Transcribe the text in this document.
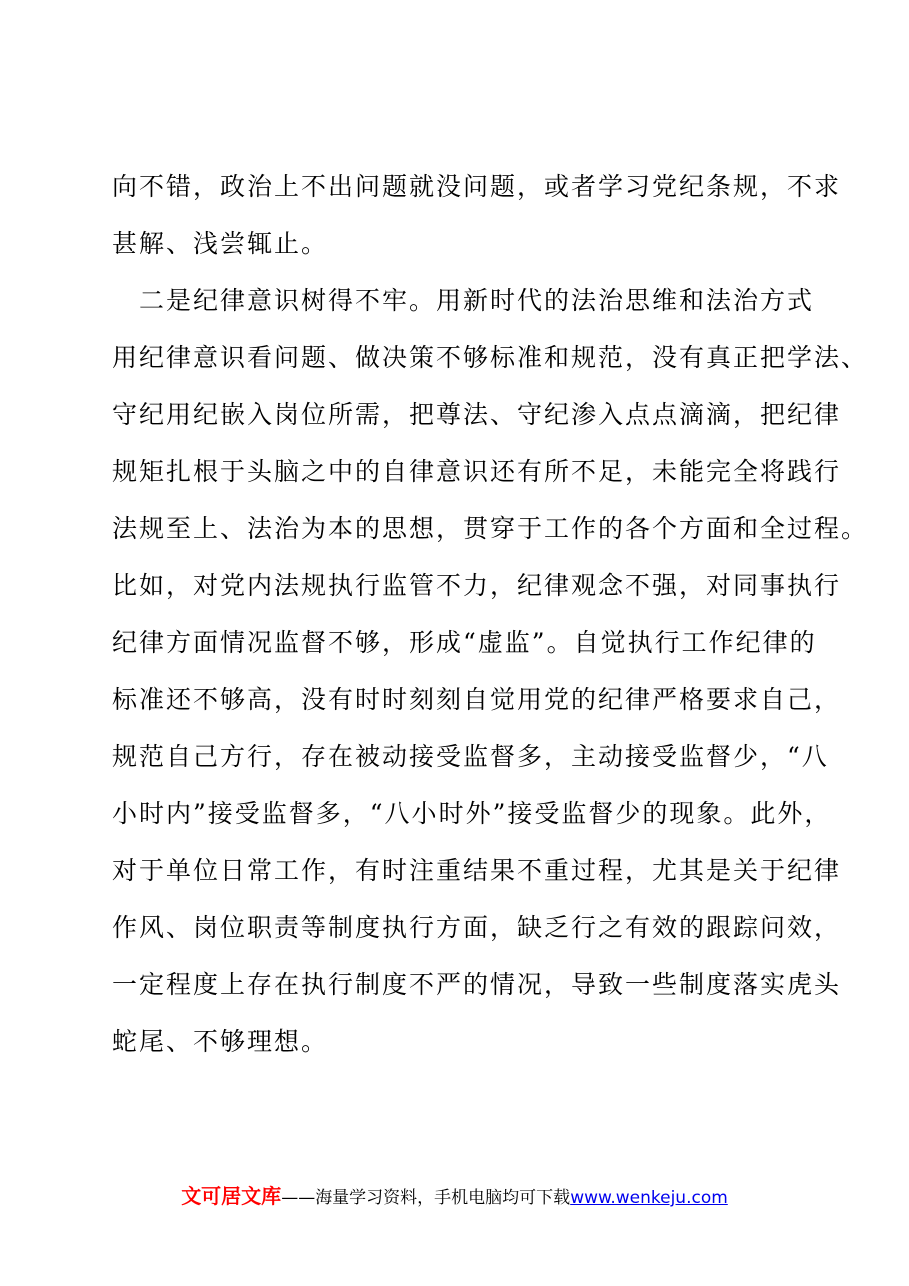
向不错，政治上不出问题就没问题，或者学习党纪条规，不求
甚解、浅尝辄止。
　二是纪律意识树得不牢。用新时代的法治思维和法治方式
用纪律意识看问题、做决策不够标准和规范，没有真正把学法、
守纪用纪嵌入岗位所需，把尊法、守纪渗入点点滴滴，把纪律
规矩扎根于头脑之中的自律意识还有所不足，未能完全将践行
法规至上、法治为本的思想，贯穿于工作的各个方面和全过程。
比如，对党内法规执行监管不力，纪律观念不强，对同事执行
纪律方面情况监督不够，形成“虚监”。自觉执行工作纪律的
标准还不够高，没有时时刻刻自觉用党的纪律严格要求自己，
规范自己方行，存在被动接受监督多，主动接受监督少，“八
小时内”接受监督多，“八小时外”接受监督少的现象。此外，
对于单位日常工作，有时注重结果不重过程，尤其是关于纪律
作风、岗位职责等制度执行方面，缺乏行之有效的跟踪问效，
一定程度上存在执行制度不严的情况，导致一些制度落实虎头
蛇尾、不够理想。
文可居文库——海量学习资料，手机电脑均可下载www.wenkeju.com
